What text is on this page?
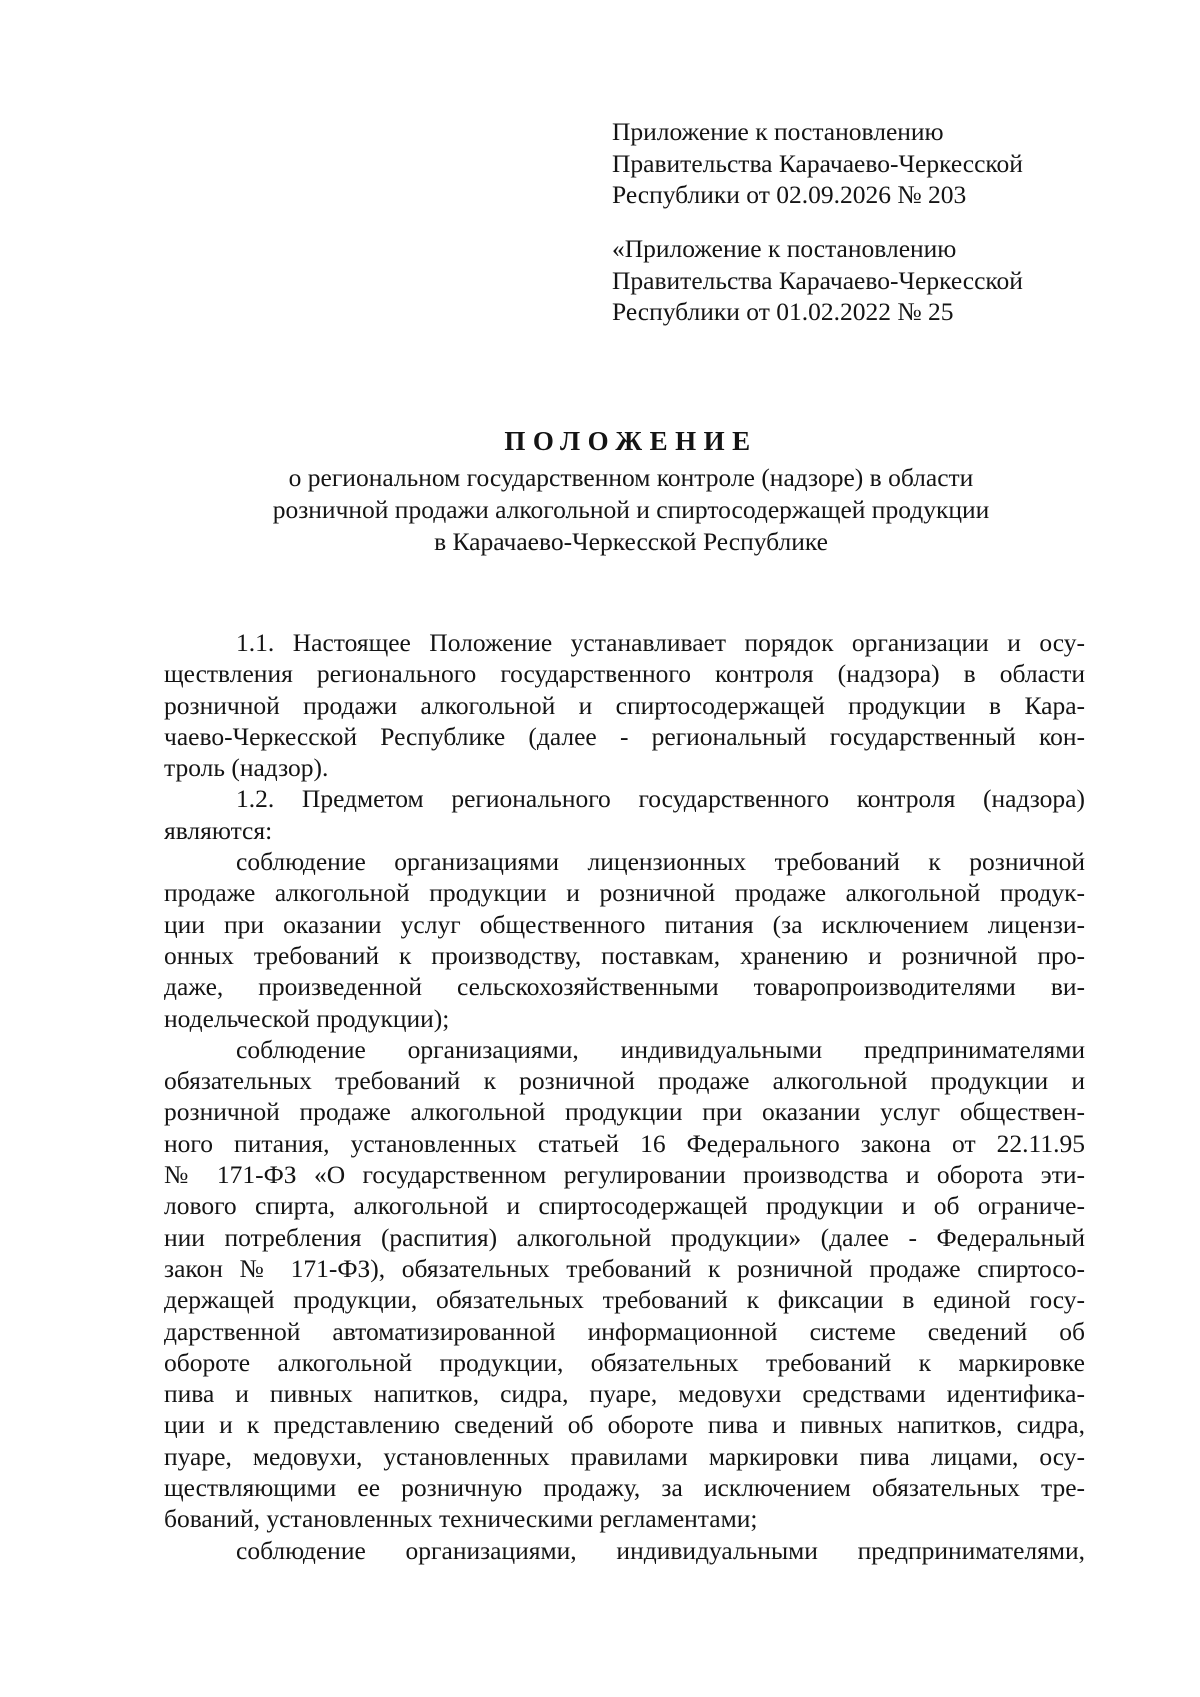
Приложение к постановлению
Правительства Карачаево-Черкесской
Республики от 02.09.2026 № 203
«Приложение к постановлению
Правительства Карачаево-Черкесской
Республики от 01.02.2022 № 25
ПОЛОЖЕНИЕ
о региональном государственном контроле (надзоре) в области
розничной продажи алкогольной и спиртосодержащей продукции
в Карачаево-Черкесской Республике
1.1. Настоящее Положение устанавливает порядок организации и осу-
ществления регионального государственного контроля (надзора) в области
розничной продажи алкогольной и спиртосодержащей продукции в Кара-
чаево-Черкесской Республике (далее - региональный государственный кон-
троль (надзор).
1.2. Предметом регионального государственного контроля (надзора)
являются:
соблюдение организациями лицензионных требований к розничной
продаже алкогольной продукции и розничной продаже алкогольной продук-
ции при оказании услуг общественного питания (за исключением лицензи-
онных требований к производству, поставкам, хранению и розничной про-
даже, произведенной сельскохозяйственными товаропроизводителями ви-
нодельческой продукции);
соблюдение организациями, индивидуальными предпринимателями
обязательных требований к розничной продаже алкогольной продукции и
розничной продаже алкогольной продукции при оказании услуг обществен-
ного питания, установленных статьей 16 Федерального закона от 22.11.95
№ 171-ФЗ «О государственном регулировании производства и оборота эти-
лового спирта, алкогольной и спиртосодержащей продукции и об ограниче-
нии потребления (распития) алкогольной продукции» (далее - Федеральный
закон № 171-ФЗ), обязательных требований к розничной продаже спиртосо-
держащей продукции, обязательных требований к фиксации в единой госу-
дарственной автоматизированной информационной системе сведений об
обороте алкогольной продукции, обязательных требований к маркировке
пива и пивных напитков, сидра, пуаре, медовухи средствами идентифика-
ции и к представлению сведений об обороте пива и пивных напитков, сидра,
пуаре, медовухи, установленных правилами маркировки пива лицами, осу-
ществляющими ее розничную продажу, за исключением обязательных тре-
бований, установленных техническими регламентами;
соблюдение организациями, индивидуальными предпринимателями,
